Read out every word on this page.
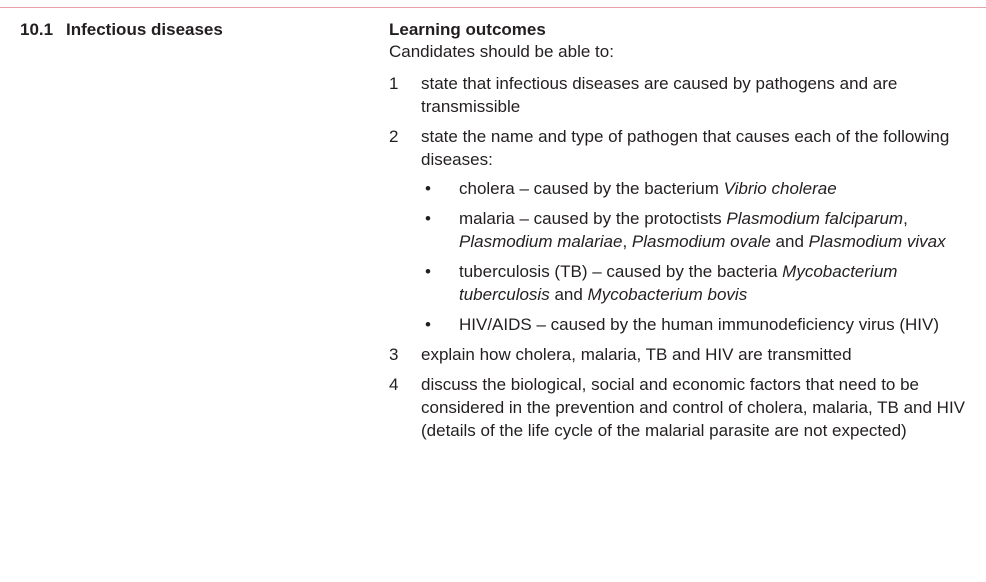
10.1 Infectious diseases	Learning outcomes
Candidates should be able to:
1 state that infectious diseases are caused by pathogens and are transmissible
2 state the name and type of pathogen that causes each of the following diseases:
• cholera – caused by the bacterium Vibrio cholerae
• malaria – caused by the protoctists Plasmodium falciparum, Plasmodium malariae, Plasmodium ovale and Plasmodium vivax
• tuberculosis (TB) – caused by the bacteria Mycobacterium tuberculosis and Mycobacterium bovis
• HIV/AIDS – caused by the human immunodeficiency virus (HIV)
3 explain how cholera, malaria, TB and HIV are transmitted
4 discuss the biological, social and economic factors that need to be considered in the prevention and control of cholera, malaria, TB and HIV (details of the life cycle of the malarial parasite are not expected)
